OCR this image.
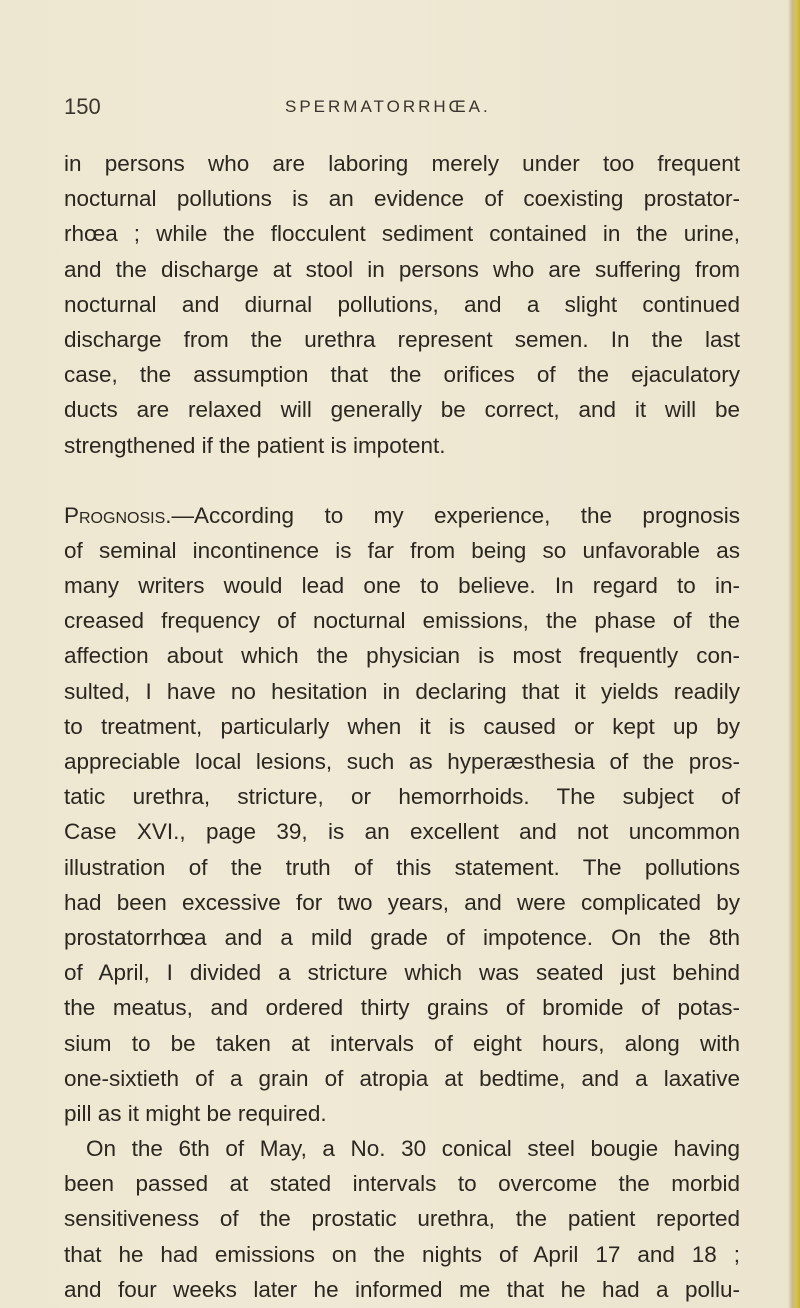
150	SPERMATORRHŒA.
in persons who are laboring merely under too frequent
nocturnal pollutions is an evidence of coexisting prostator-
rhœa ; while the flocculent sediment contained in the urine,
and the discharge at stool in persons who are suffering from
nocturnal and diurnal pollutions, and a slight continued
discharge from the urethra represent semen. In the last
case, the assumption that the orifices of the ejaculatory
ducts are relaxed will generally be correct, and it will be
strengthened if the patient is impotent.
Prognosis.—According to my experience, the prognosis
of seminal incontinence is far from being so unfavorable as
many writers would lead one to believe. In regard to in-
creased frequency of nocturnal emissions, the phase of the
affection about which the physician is most frequently con-
sulted, I have no hesitation in declaring that it yields readily
to treatment, particularly when it is caused or kept up by
appreciable local lesions, such as hyperæsthesia of the pros-
tatic urethra, stricture, or hemorrhoids. The subject of
Case XVI., page 39, is an excellent and not uncommon
illustration of the truth of this statement. The pollutions
had been excessive for two years, and were complicated by
prostatorrhœa and a mild grade of impotence. On the 8th
of April, I divided a stricture which was seated just behind
the meatus, and ordered thirty grains of bromide of potas-
sium to be taken at intervals of eight hours, along with
one-sixtieth of a grain of atropia at bedtime, and a laxative
pill as it might be required.
On the 6th of May, a No. 30 conical steel bougie having
been passed at stated intervals to overcome the morbid
sensitiveness of the prostatic urethra, the patient reported
that he had emissions on the nights of April 17 and 18 ;
and four weeks later he informed me that he had a pollu-
